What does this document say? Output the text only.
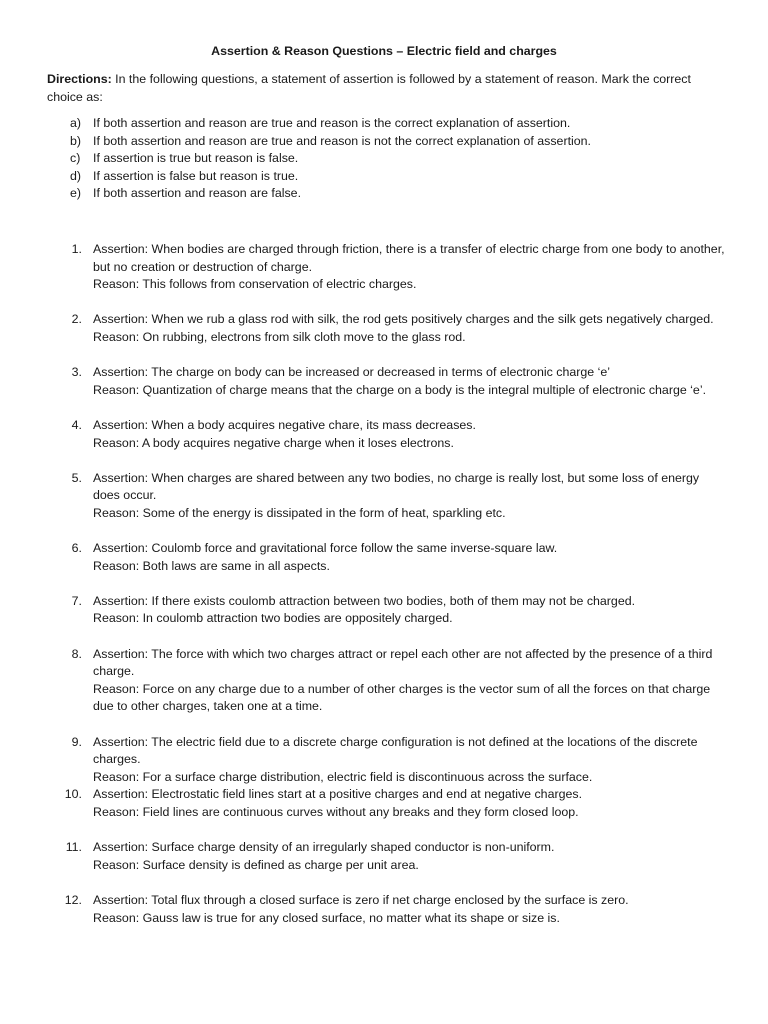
Assertion & Reason Questions – Electric field and charges
Directions: In the following questions, a statement of assertion is followed by a statement of reason. Mark the correct choice as:
a) If both assertion and reason are true and reason is the correct explanation of assertion.
b) If both assertion and reason are true and reason is not the correct explanation of assertion.
c)	If assertion is true but reason is false.
d) If assertion is false but reason is true.
e) If both assertion and reason are false.
1. Assertion: When bodies are charged through friction, there is a transfer of electric charge from one body to another, but no creation or destruction of charge.
Reason: This follows from conservation of electric charges.
2. Assertion: When we rub a glass rod with silk, the rod gets positively charges and the silk gets negatively charged.
Reason: On rubbing, electrons from silk cloth move to the glass rod.
3. Assertion: The charge on body can be increased or decreased in terms of electronic charge ‘e’
Reason: Quantization of charge means that the charge on a body is the integral multiple of electronic charge ‘e’.
4. Assertion: When a body acquires negative chare, its mass decreases.
Reason: A body acquires negative charge when it loses electrons.
5. Assertion: When charges are shared between any two bodies, no charge is really lost, but some loss of energy does occur.
Reason: Some of the energy is dissipated in the form of heat, sparkling etc.
6. Assertion: Coulomb force and gravitational force follow the same inverse-square law.
Reason: Both laws are same in all aspects.
7. Assertion: If there exists coulomb attraction between two bodies, both of them may not be charged.
Reason: In coulomb attraction two bodies are oppositely charged.
8. Assertion: The force with which two charges attract or repel each other are not affected by the presence of a third charge.
Reason: Force on any charge due to a number of other charges is the vector sum of all the forces on that charge due to other charges, taken one at a time.
9. Assertion: The electric field due to a discrete charge configuration is not defined at the locations of the discrete charges.
Reason: For a surface charge distribution, electric field is discontinuous across the surface.
10. Assertion: Electrostatic field lines start at a positive charges and end at negative charges.
Reason: Field lines are continuous curves without any breaks and they form closed loop.
11. Assertion: Surface charge density of an irregularly shaped conductor is non-uniform.
Reason: Surface density is defined as charge per unit area.
12. Assertion: Total flux through a closed surface is zero if net charge enclosed by the surface is zero.
Reason: Gauss law is true for any closed surface, no matter what its shape or size is.
